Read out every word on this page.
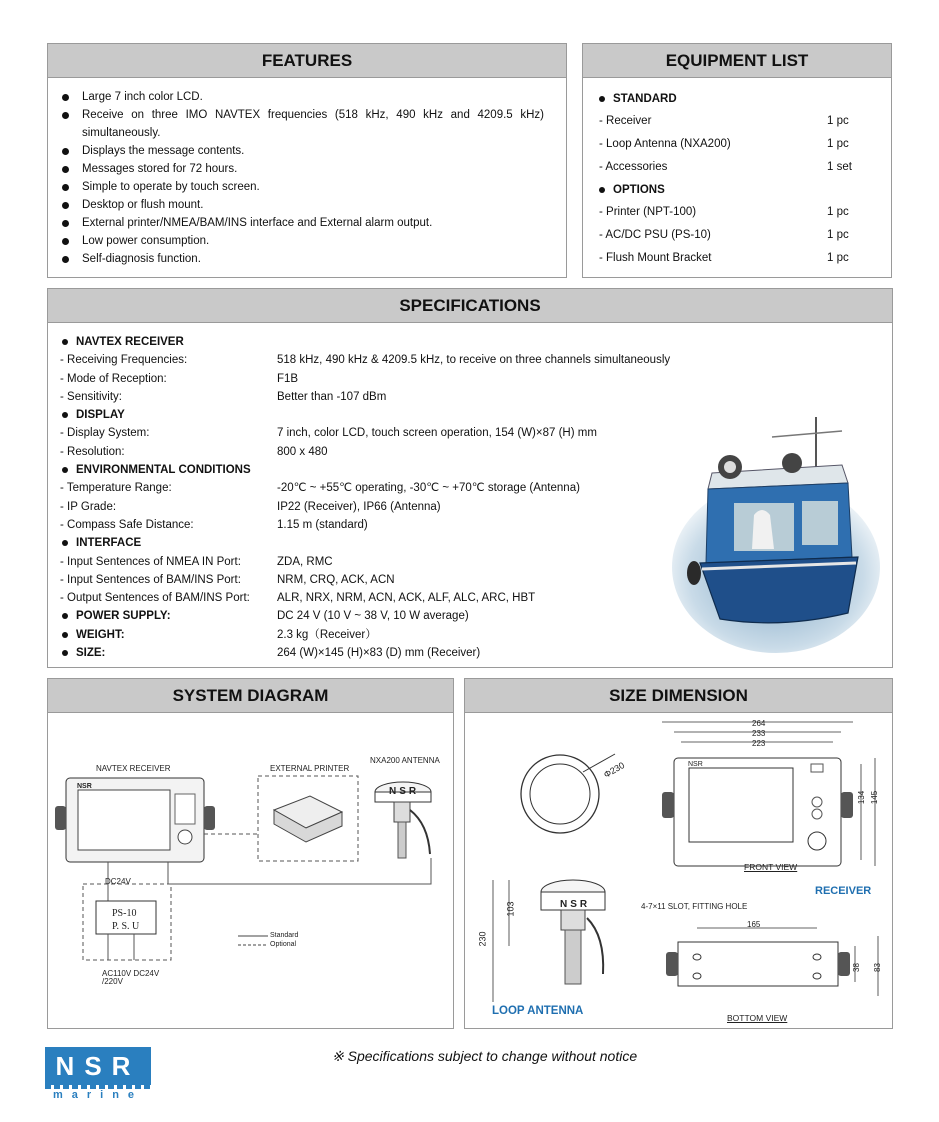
FEATURES
Large 7 inch color LCD.
Receive on three IMO NAVTEX frequencies (518 kHz, 490 kHz and 4209.5 kHz) simultaneously.
Displays the message contents.
Messages stored for 72 hours.
Simple to operate by touch screen.
Desktop or flush mount.
External printer/NMEA/BAM/INS interface and External alarm output.
Low power consumption.
Self-diagnosis function.
EQUIPMENT LIST
STANDARD
- Receiver	1 pc
- Loop Antenna (NXA200)	1 pc
- Accessories	1 set
OPTIONS
- Printer (NPT-100)	1 pc
- AC/DC PSU (PS-10)	1 pc
- Flush Mount Bracket	1 pc
SPECIFICATIONS
NAVTEX RECEIVER
- Receiving Frequencies:	518 kHz, 490 kHz & 4209.5 kHz, to receive on three channels simultaneously
- Mode of Reception:	F1B
- Sensitivity:	Better than -107 dBm
DISPLAY
- Display System:	7 inch, color LCD, touch screen operation, 154 (W)×87 (H) mm
- Resolution:	800 x 480
ENVIRONMENTAL CONDITIONS
- Temperature Range:	-20℃ ~ +55℃ operating, -30℃ ~ +70℃ storage (Antenna)
- IP Grade:	IP22 (Receiver), IP66 (Antenna)
- Compass Safe Distance:	1.15 m (standard)
INTERFACE
- Input Sentences of NMEA IN Port:	ZDA, RMC
- Input Sentences of BAM/INS Port:	NRM, CRQ, ACK, ACN
- Output Sentences of BAM/INS Port:	ALR, NRX, NRM, ACN, ACK, ALF, ALC, ARC, HBT
POWER SUPPLY:	DC 24 V (10 V ~ 38 V, 10 W average)
WEIGHT:	2.3 kg（Receiver）
SIZE:	264 (W)×145 (H)×83 (D) mm (Receiver)
SYSTEM DIAGRAM
NAVTEX RECEIVER	EXTERNAL PRINTER
NXA200 ANTENNA
NSR	NSR
DC24V
PS-10
P. S. U
AC110V DC24V
/220V
Standard
Optional
SIZE DIMENSION
264
233
223
134 145
Φ230
103
230
NSR
NSR
FRONT VIEW
RECEIVER
4-7×11 SLOT, FITTING HOLE
165
38 83
BOTTOM VIEW
LOOP ANTENNA
NSR
marine
※ Specifications subject to change without notice
